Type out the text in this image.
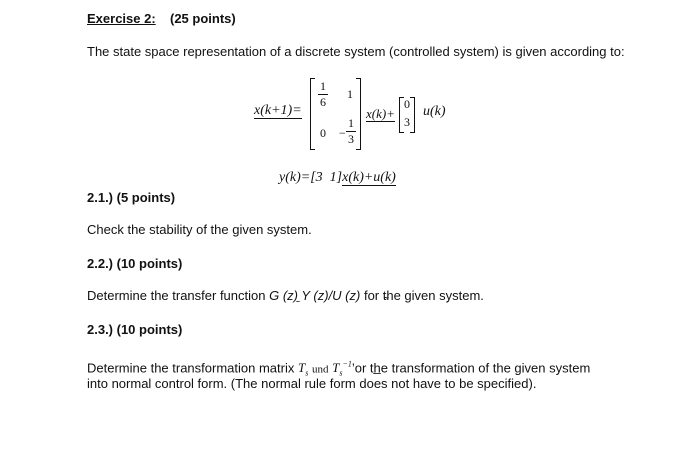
Exercise 2: (25 points)
The state space representation of a discrete system (controlled system) is given according to:
x(k+1)=
1
6
1
0 −
1
3
x(k)+
0
3
u(k)

y(k)=[3  1]x(k)+u(k)

2.1.) (5 points)
Check the stability of the given system.
2.2.) (10 points)
Determine the transfer function G (z)̱ Y (z)/U (z) for t̴he given system.
2.3.) (10 points)
Determine the transformation matrix $T_s$ und $T_s^{-1}’or$ th̲e transformation of the given system
into normal control form. (The normal rule form does not have to be specified).
